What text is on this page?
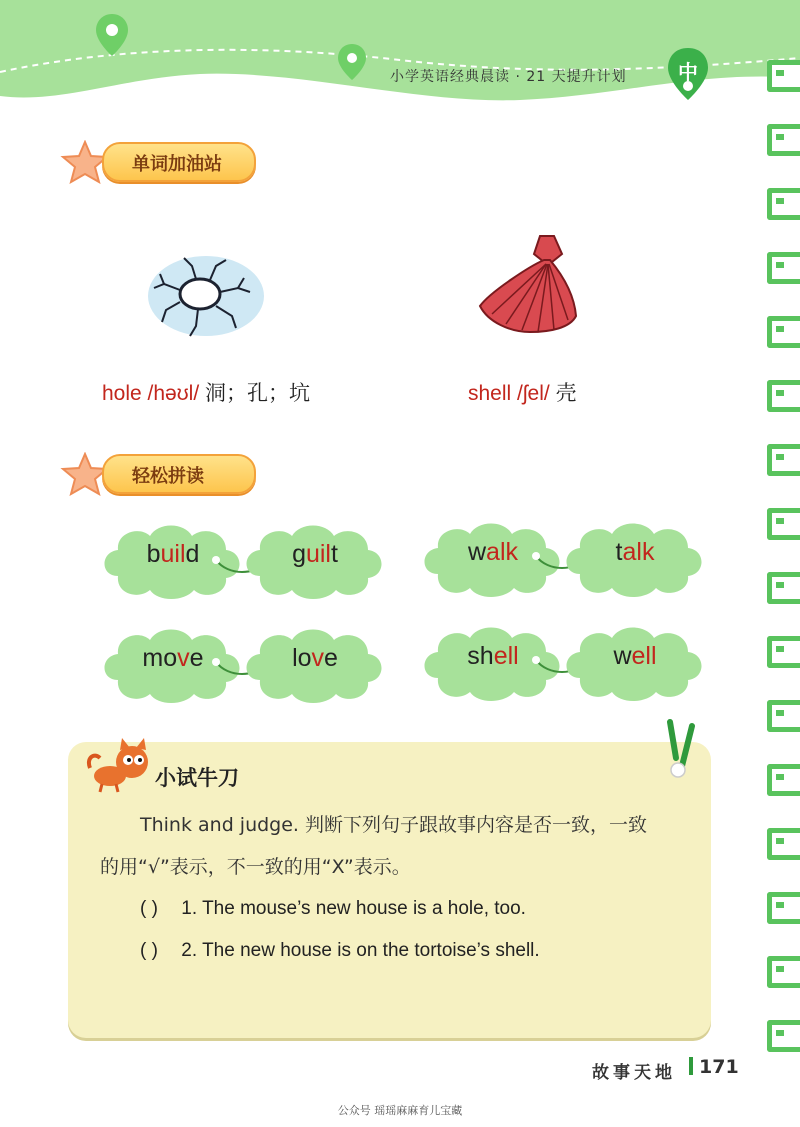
小学英语经典晨读 · 21 天提升计划	中
单词加油站
hole /həʊl/ 洞；孔；坑	shell /ʃel/ 壳
轻松拼读
build	guilt	walk	talk
move	love	shell	well
小试牛刀
Think and judge. 判断下列句子跟故事内容是否一致，一致
的用“√”表示，不一致的用“X”表示。
( ) 1. The mouse’s new house is a hole, too.
( ) 2. The new house is on the tortoise’s shell.
故事天地	171
公众号 瑶瑶麻麻育儿宝藏
